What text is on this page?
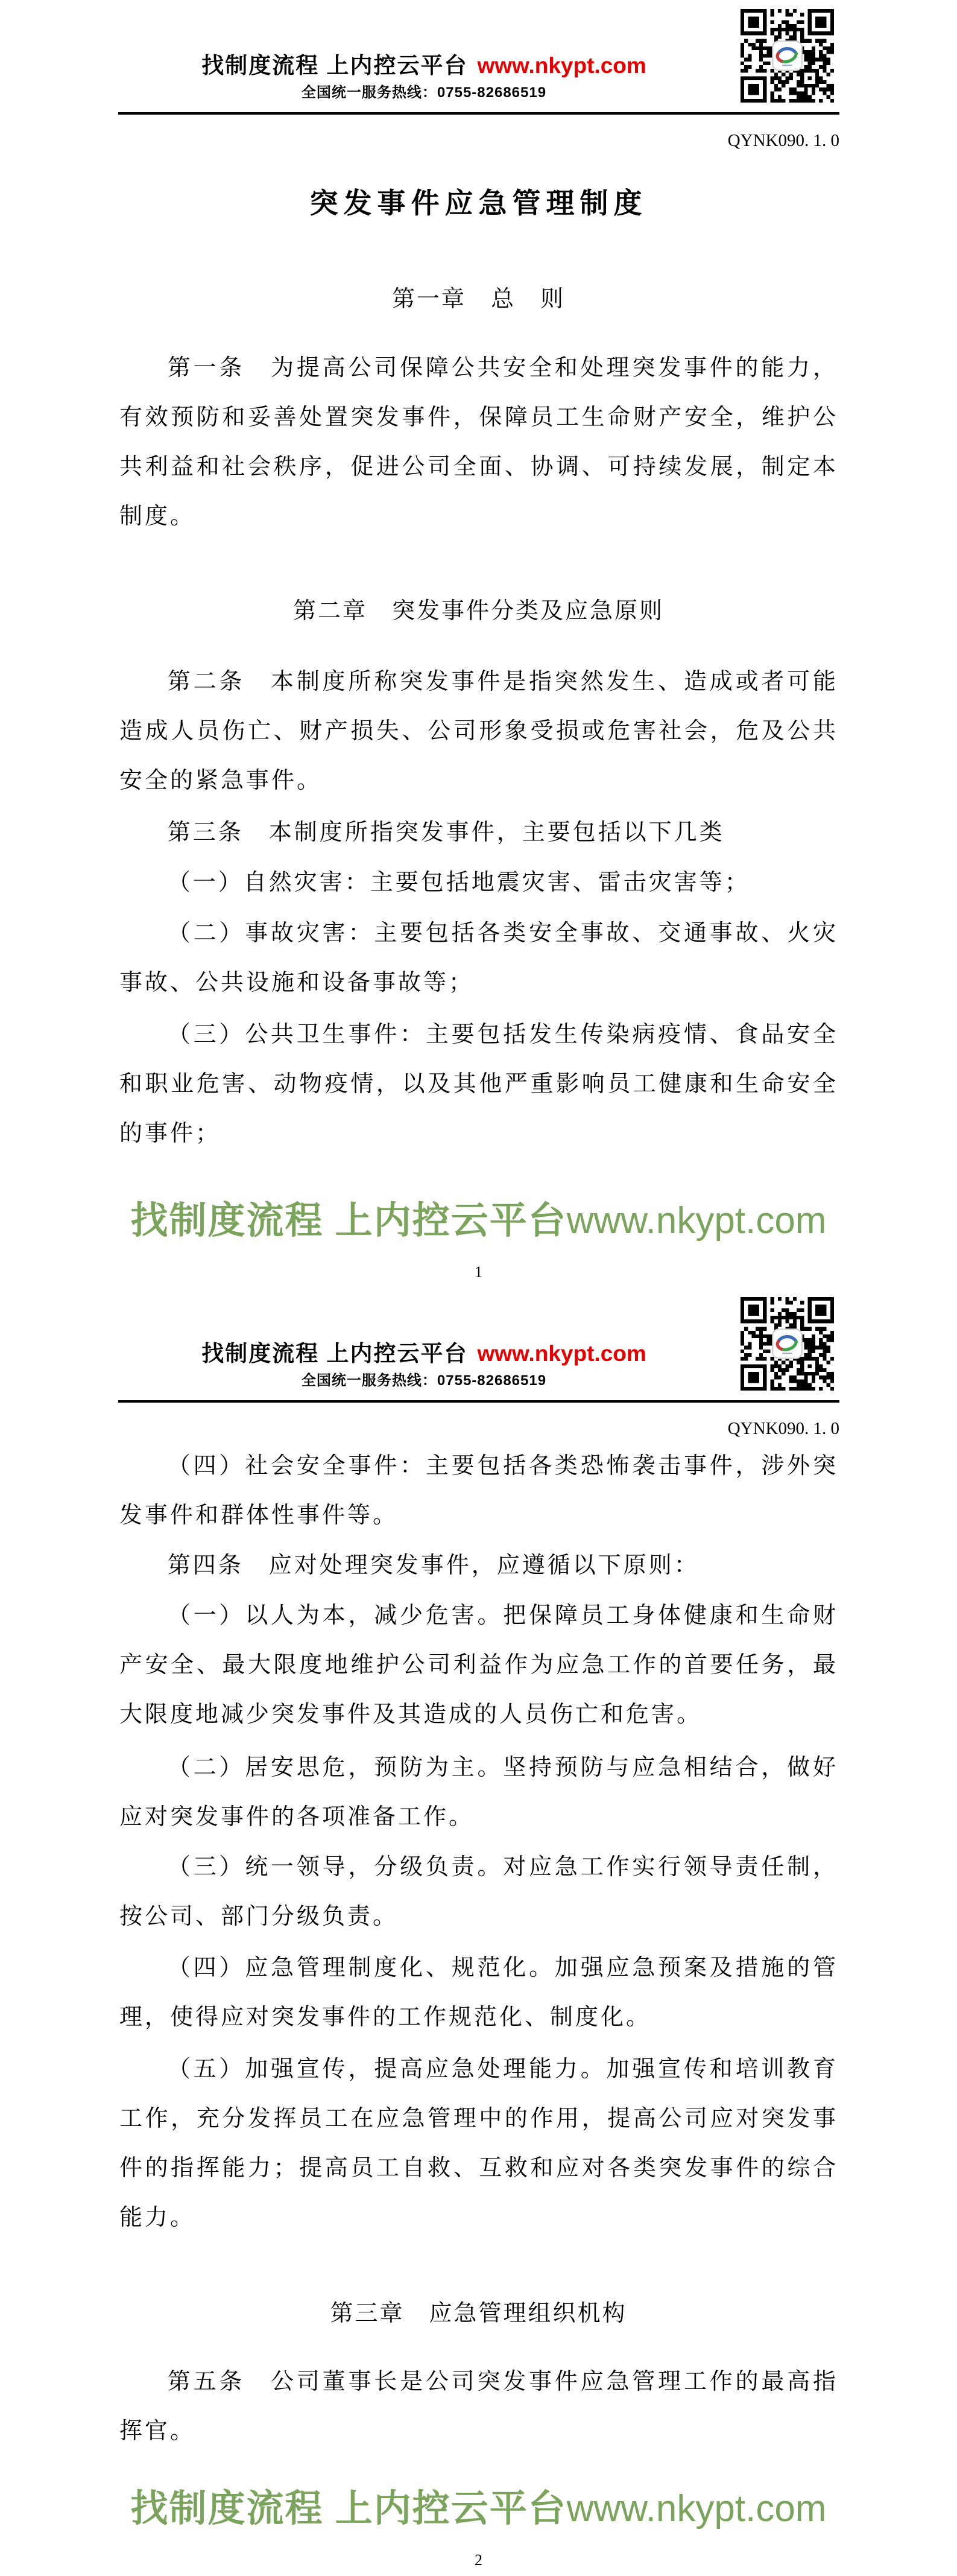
找制度流程 上内控云平台 www.nkypt.com
全国统一服务热线：0755-82686519
QYNK090. 1. 0
突发事件应急管理制度
第一章　总　则
第一条　为提高公司保障公共安全和处理突发事件的能力，有效预防和妥善处置突发事件，保障员工生命财产安全，维护公共利益和社会秩序，促进公司全面、协调、可持续发展，制定本制度。
第二章　突发事件分类及应急原则
第二条　本制度所称突发事件是指突然发生、造成或者可能造成人员伤亡、财产损失、公司形象受损或危害社会，危及公共安全的紧急事件。
第三条　本制度所指突发事件，主要包括以下几类
（一）自然灾害：主要包括地震灾害、雷击灾害等；
（二）事故灾害：主要包括各类安全事故、交通事故、火灾事故、公共设施和设备事故等；
（三）公共卫生事件：主要包括发生传染病疫情、食品安全和职业危害、动物疫情，以及其他严重影响员工健康和生命安全的事件；
找制度流程 上内控云平台www.nkypt.com
1
找制度流程 上内控云平台 www.nkypt.com
全国统一服务热线：0755-82686519
QYNK090. 1. 0
（四）社会安全事件：主要包括各类恐怖袭击事件，涉外突发事件和群体性事件等。
第四条　应对处理突发事件，应遵循以下原则：
（一）以人为本，减少危害。把保障员工身体健康和生命财产安全、最大限度地维护公司利益作为应急工作的首要任务，最大限度地减少突发事件及其造成的人员伤亡和危害。
（二）居安思危，预防为主。坚持预防与应急相结合，做好应对突发事件的各项准备工作。
（三）统一领导，分级负责。对应急工作实行领导责任制，按公司、部门分级负责。
（四）应急管理制度化、规范化。加强应急预案及措施的管理，使得应对突发事件的工作规范化、制度化。
（五）加强宣传，提高应急处理能力。加强宣传和培训教育工作，充分发挥员工在应急管理中的作用，提高公司应对突发事件的指挥能力；提高员工自救、互救和应对各类突发事件的综合能力。
第三章　应急管理组织机构
第五条　公司董事长是公司突发事件应急管理工作的最高指挥官。
找制度流程 上内控云平台www.nkypt.com
2
